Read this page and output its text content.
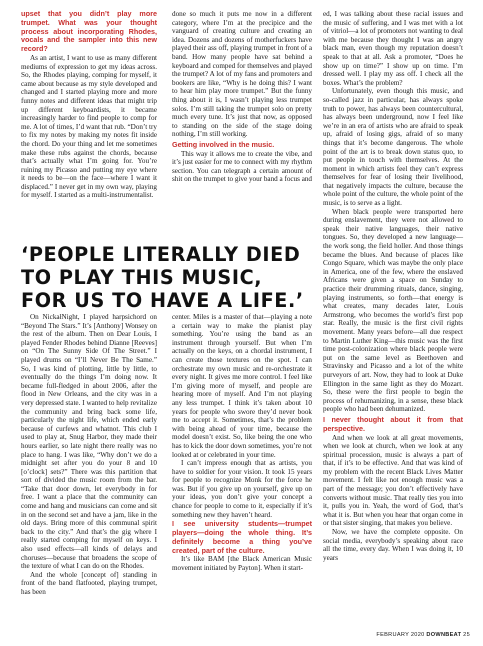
upset that you didn’t play more trumpet. What was your thought process about incorporating Rhodes, vocals and the sampler into this new record?

As an artist, I want to use as many different mediums of expression to get my ideas across. So, the Rhodes playing, comping for myself, it came about because as my style developed and changed and I started playing more and more funny notes and different ideas that might trip up different keyboardists, it became increasingly harder to find people to comp for me. A lot of times, I’d want that rub. “Don’t try to fix my notes by making my notes fit inside the chord. Do your thing and let me sometimes make these rubs against the chords, because that’s actually what I’m going for. You’re ruining my Picasso and putting my eye where it needs to be—on the face—where I want it displaced.” I never get in my own way, playing for myself. I started as a multi-instrumentalist.

done so much it puts me now in a different category, where I’m at the precipice and the vanguard of creating culture and creating an idea. Dozens and dozens of motherfuckers have played their ass off, playing trumpet in front of a band. How many people have sat behind a keyboard and comped for themselves and played the trumpet? A lot of my fans and promoters and bookers are like, “Why is he doing this? I want to hear him play more trumpet.” But the funny thing about it is, I wasn’t playing less trumpet solos. I’m still taking the trumpet solo on pretty much every tune. It’s just that now, as opposed to standing on the side of the stage doing nothing, I’m still working.

Getting involved in the music.

This way it allows me to create the vibe, and it’s just easier for me to connect with my rhythm section. You can telegraph a certain amount of shit on the trumpet to give your band a focus and

‘PEOPLE LITERALLY DIED TO PLAY THIS MUSIC, FOR US TO HAVE A LIFE.’

On NickałNight, I played harpsichord on “Beyond The Stars.” It’s [Anthony] Wonsey on the rest of the album. Then on Dear Louis, I played Fender Rhodes behind Dianne [Reeves] on “On The Sunny Side Of The Street.” I played drums on “I’ll Never Be The Same.” So, I was kind of plotting, little by little, to eventually do the things I’m doing now. It became full-fledged in about 2006, after the flood in New Orleans, and the city was in a very depressed state. I wanted to help revitalize the community and bring back some life, particularly the night life, which ended early because of curfews and whatnot. This club I used to play at, Snug Harbor, they made their hours earlier, so late night there really was no place to hang. I was like, “Why don’t we do a midnight set after you do your 8 and 10 [o’clock] sets?” There was this partition that sort of divided the music room from the bar. “Take that door down, let everybody in for free. I want a place that the community can come and hang and musicians can come and sit in on the second set and have a jam, like in the old days. Bring more of this communal spirit back to the city.” And that’s the gig where I really started comping for myself on keys. I also used effects—all kinds of delays and choruses—because that broadens the scope of the texture of what I can do on the Rhodes.

And the whole [concept of] standing in front of the band flatfooted, playing trumpet, has been

center. Miles is a master of that—playing a note a certain way to make the pianist play something. You’re using the band as an instrument through yourself. But when I’m actually on the keys, on a chordal instrument, I can create those textures on the spot. I can orchestrate my own music and re-orchestrate it every night. It gives me more control. I feel like I’m giving more of myself, and people are hearing more of myself. And I’m not playing any less trumpet. I think it’s taken about 10 years for people who swore they’d never book me to accept it. Sometimes, that’s the problem with being ahead of your time, because the model doesn’t exist. So, like being the one who has to kick the door down sometimes, you’re not looked at or celebrated in your time.

I can’t impress enough that as artists, you have to soldier for your vision. It took 15 years for people to recognize Monk for the force he was. But if you give up on yourself, give up on your ideas, you don’t give your concept a chance for people to come to it, especially if it’s something new they haven’t heard.

I see university students—trumpet players—doing the whole thing. It’s definitely become a thing you’ve created, part of the culture.

It’s like BAM [the Black American Music movement initiated by Payton]. When it start-

ed, I was talking about these racial issues and the music of suffering, and I was met with a lot of vitriol—a lot of promoters not wanting to deal with me because they thought I was an angry black man, even though my reputation doesn’t speak to that at all. Ask a promoter, “Does he show up on time?” I show up on time. I’m dressed well. I play my ass off. I check all the boxes. What’s the problem?

Unfortunately, even though this music, and so-called jazz in particular, has always spoke truth to power, has always been countercultural, has always been underground, now I feel like we’re in an era of artists who are afraid to speak up, afraid of losing gigs, afraid of so many things that it’s become dangerous. The whole point of the art is to break down status quo, to put people in touch with themselves. At the moment in which artists feel they can’t express themselves for fear of losing their livelihood, that negatively impacts the culture, because the whole point of the culture, the whole point of the music, is to serve as a light.

When black people were transported here during enslavement, they were not allowed to speak their native languages, their native tongues. So, they developed a new language—the work song, the field holler. And those things became the blues. And because of places like Congo Square, which was maybe the only place in America, one of the few, where the enslaved Africans were given a space on Sunday to practice their drumming rituals, dance, singing, playing instruments, so forth—that energy is what creates, many decades later, Louis Armstrong, who becomes the world’s first pop star. Really, the music is the first civil rights movement. Many years before—all due respect to Martin Luther King—this music was the first time post-colonization where black people were put on the same level as Beethoven and Stravinsky and Picasso and a lot of the white purveyors of art. Now, they had to look at Duke Ellington in the same light as they do Mozart. So, these were the first people to begin the process of rehumanizing, in a sense, these black people who had been dehumanized.

I never thought about it from that perspective.

And when we look at all great movements, when we look at church, when we look at any spiritual procession, music is always a part of that, if it’s to be effective. And that was kind of my problem with the recent Black Lives Matter movement. I felt like not enough music was a part of the message; you don’t effectively have converts without music. That really ties you into it, pulls you in. Yeah, the word of God, that’s what it is. But when you hear that organ come in or that sister singing, that makes you believe.

Now, we have the complete opposite. On social media, everybody’s speaking about race all the time, every day. When I was doing it, 10 years

FEBRUARY 2020 DOWNBEAT 25
